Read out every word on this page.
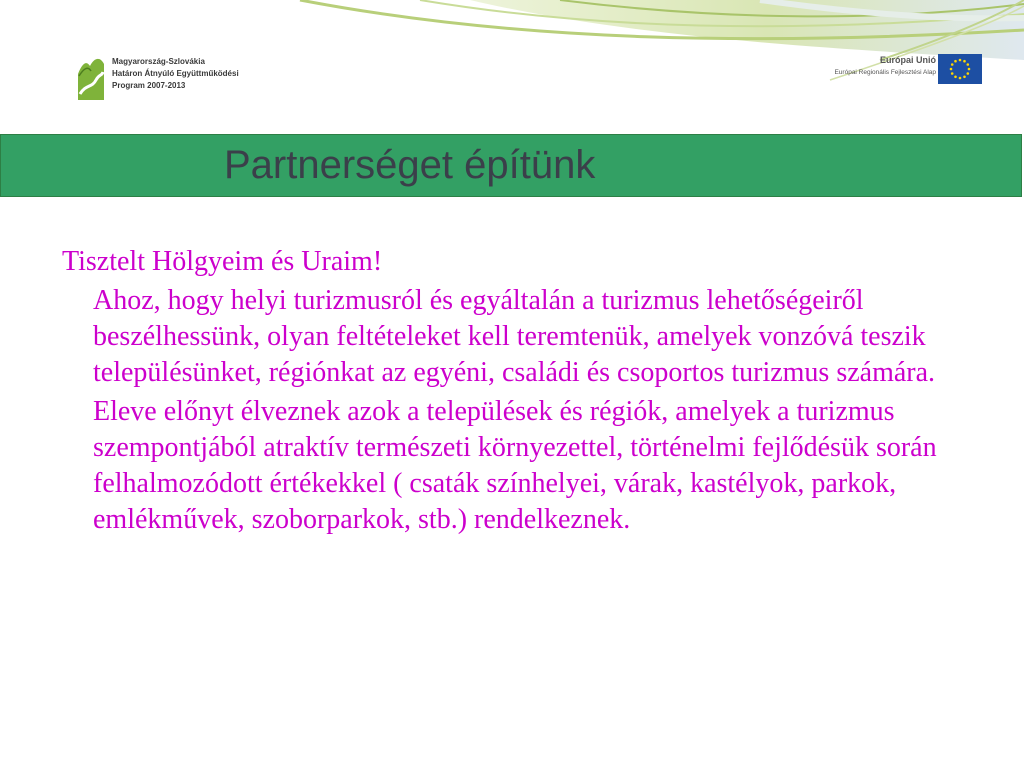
Magyarország-Szlovákia
Határon Átnyúló Együttműködési
Program 2007-2013
Európai Unió
Európai Regionális Fejlesztési Alap
Partnerséget építünk

Tisztelt Hölgyeim és Uraim!

Ahoz, hogy helyi turizmusról és egyáltalán a turizmus lehetőségeiről beszélhessünk, olyan feltételeket kell teremtenük, amelyek vonzóvá teszik településünket, régiónkat az egyéni, családi és csoportos turizmus számára.

Eleve előnyt élveznek azok a települések és régiók, amelyek a turizmus szempontjából atraktív természeti környezettel, történelmi fejlődésük során felhalmozódott értékekkel ( csaták színhelyei, várak, kastélyok, parkok, emlékművek, szoborparkok, stb.) rendelkeznek.
